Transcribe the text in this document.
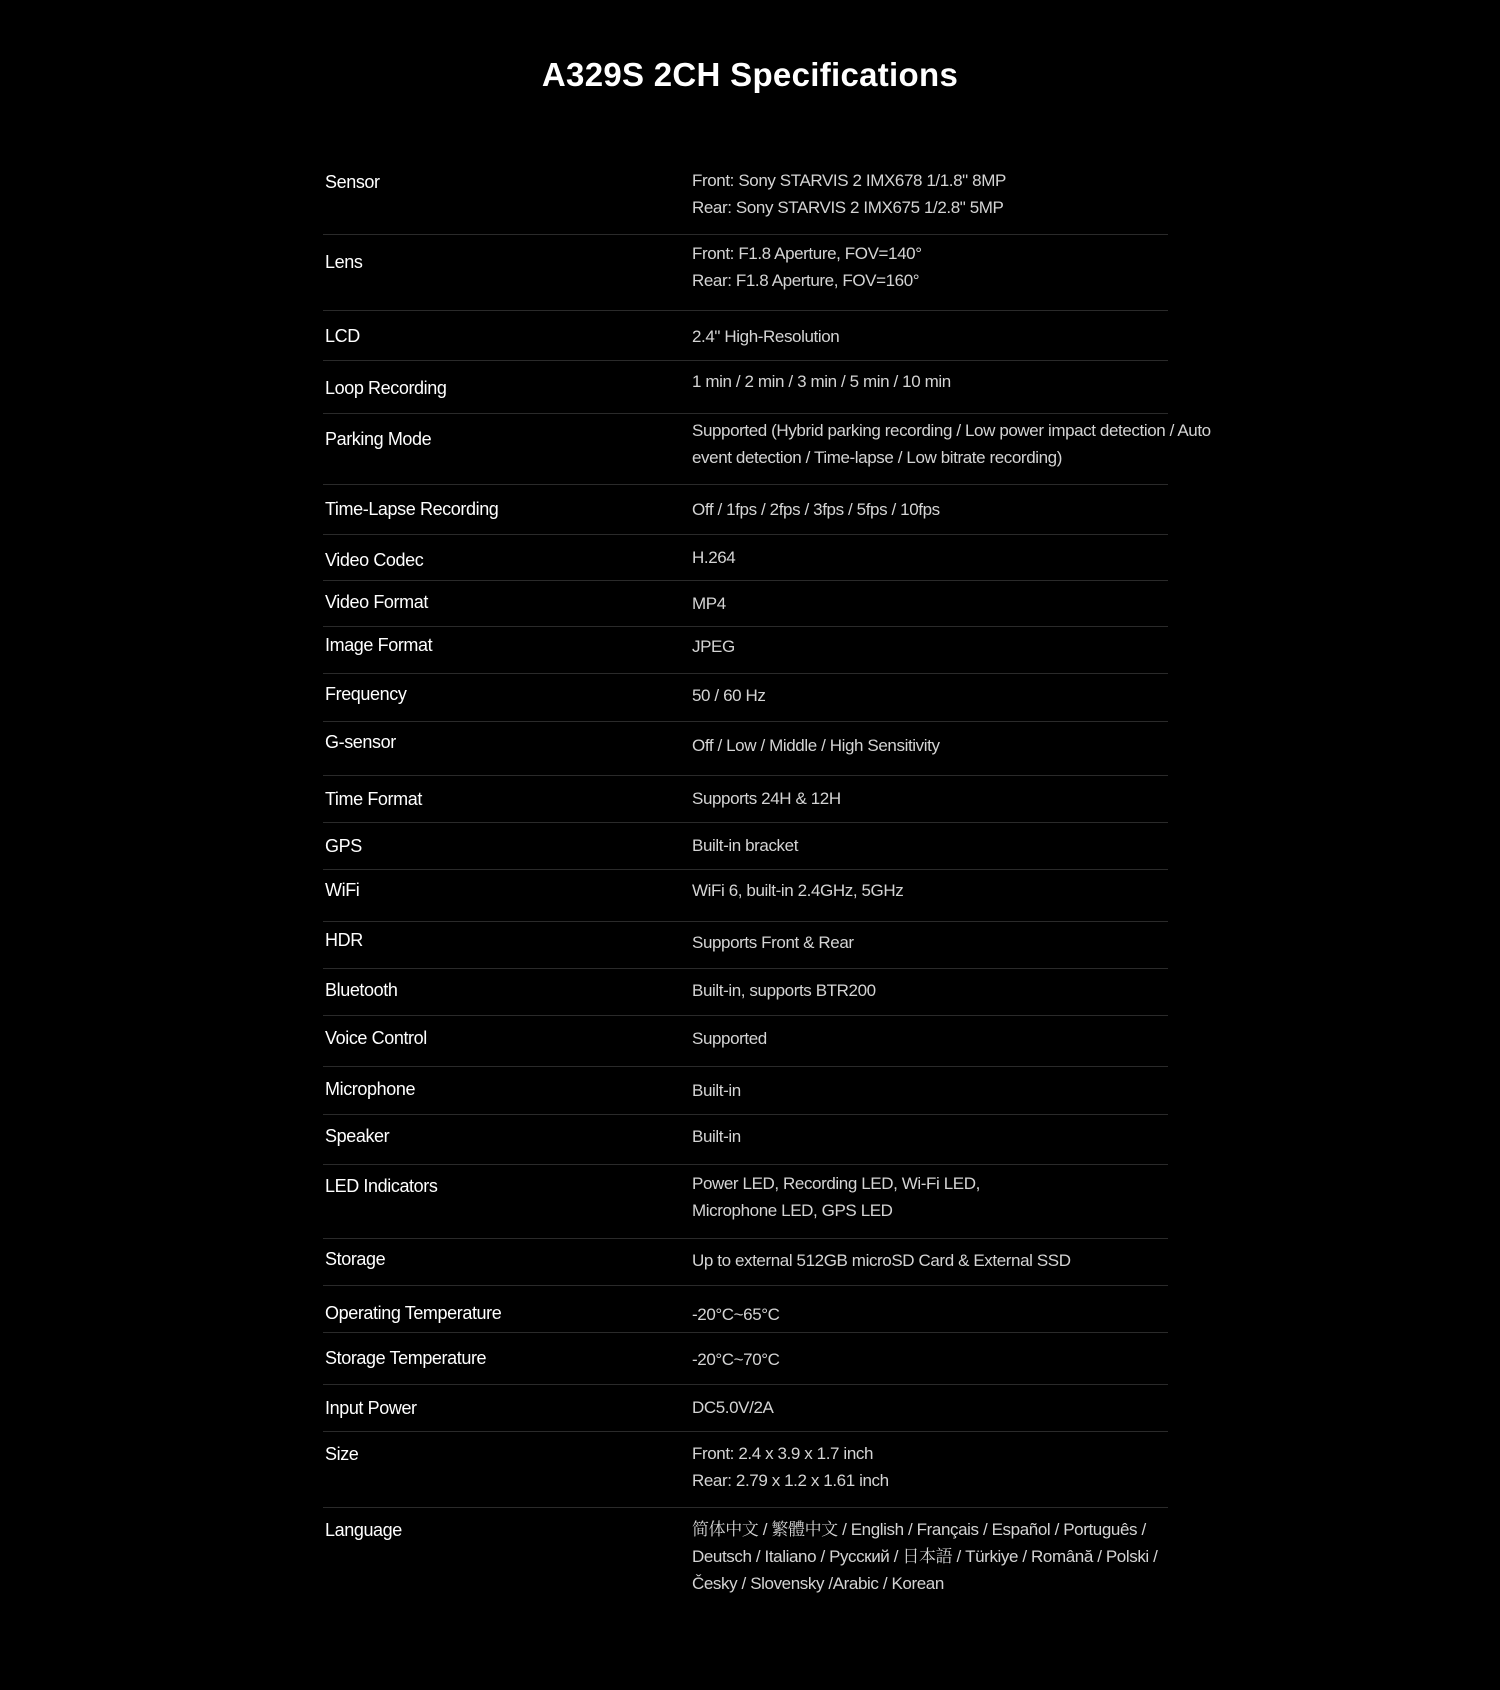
A329S 2CH Specifications
Sensor	Front: Sony STARVIS 2 IMX678 1/1.8" 8MP
Rear: Sony STARVIS 2 IMX675 1/2.8" 5MP
Lens	Front: F1.8 Aperture, FOV=140°
Rear: F1.8 Aperture, FOV=160°
LCD	2.4" High-Resolution
Loop Recording	1 min / 2 min / 3 min / 5 min / 10 min
Parking Mode	Supported (Hybrid parking recording / Low power impact detection / Auto
event detection / Time-lapse / Low bitrate recording)
Time-Lapse Recording	Off / 1fps / 2fps / 3fps / 5fps / 10fps
Video Codec	H.264
Video Format	MP4
Image Format	JPEG
Frequency	50 / 60 Hz
G-sensor	Off / Low / Middle / High Sensitivity
Time Format	Supports 24H & 12H
GPS	Built-in bracket
WiFi	WiFi 6, built-in 2.4GHz, 5GHz
HDR	Supports Front & Rear
Bluetooth	Built-in, supports BTR200
Voice Control	Supported
Microphone	Built-in
Speaker	Built-in
LED Indicators	Power LED, Recording LED, Wi-Fi LED,
Microphone LED, GPS LED
Storage	Up to external 512GB microSD Card & External SSD
Operating Temperature	-20°C~65°C
Storage Temperature	-20°C~70°C
Input Power	DC5.0V/2A
Size	Front: 2.4 x 3.9 x 1.7 inch
Rear: 2.79 x 1.2 x 1.61 inch
Language	简体中文 / 繁體中文 / English / Français / Español / Português /
Deutsch / Italiano / Русский / 日本語 / Türkiye / Română / Polski /
Česky / Slovensky /Arabic / Korean
